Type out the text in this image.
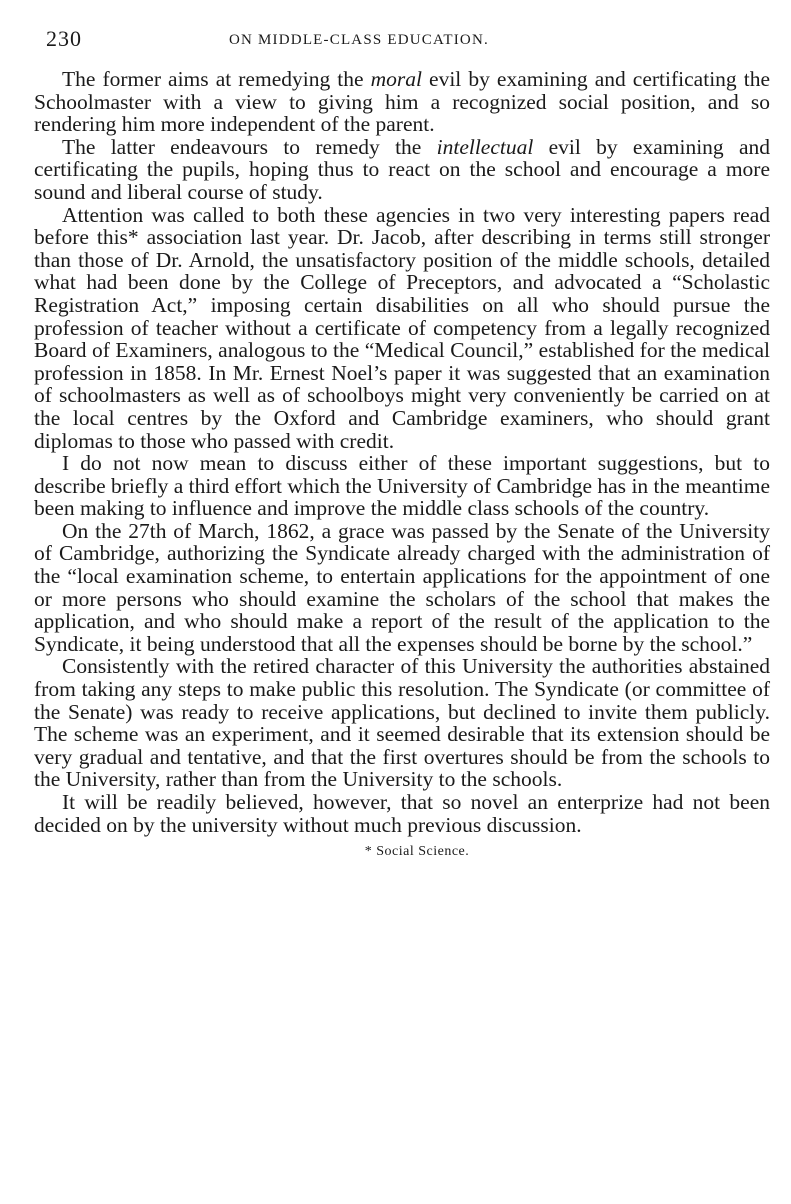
230	ON MIDDLE-CLASS EDUCATION.

The former aims at remedying the moral evil by examining and certificating the Schoolmaster with a view to giving him a recognized social position, and so rendering him more independent of the parent.

The latter endeavours to remedy the intellectual evil by examining and certificating the pupils, hoping thus to react on the school and encourage a more sound and liberal course of study.

Attention was called to both these agencies in two very interesting papers read before this* association last year. Dr. Jacob, after describing in terms still stronger than those of Dr. Arnold, the unsatisfactory position of the middle schools, detailed what had been done by the College of Preceptors, and advocated a “Scholastic Registration Act,” imposing certain disabilities on all who should pursue the profession of teacher without a certificate of competency from a legally recognized Board of Examiners, analogous to the “Medical Council,” established for the medical profession in 1858. In Mr. Ernest Noel’s paper it was suggested that an examination of schoolmasters as well as of schoolboys might very conveniently be carried on at the local centres by the Oxford and Cambridge examiners, who should grant diplomas to those who passed with credit.

I do not now mean to discuss either of these important suggestions, but to describe briefly a third effort which the University of Cambridge has in the meantime been making to influence and improve the middle class schools of the country.

On the 27th of March, 1862, a grace was passed by the Senate of the University of Cambridge, authorizing the Syndicate already charged with the administration of the “local examination scheme, to entertain applications for the appointment of one or more persons who should examine the scholars of the school that makes the application, and who should make a report of the result of the application to the Syndicate, it being understood that all the expenses should be borne by the school.”

Consistently with the retired character of this University the authorities abstained from taking any steps to make public this resolution. The Syndicate (or committee of the Senate) was ready to receive applications, but declined to invite them publicly. The scheme was an experiment, and it seemed desirable that its extension should be very gradual and tentative, and that the first overtures should be from the schools to the University, rather than from the University to the schools.

It will be readily believed, however, that so novel an enterprize had not been decided on by the university without much previous discussion.

* Social Science.
